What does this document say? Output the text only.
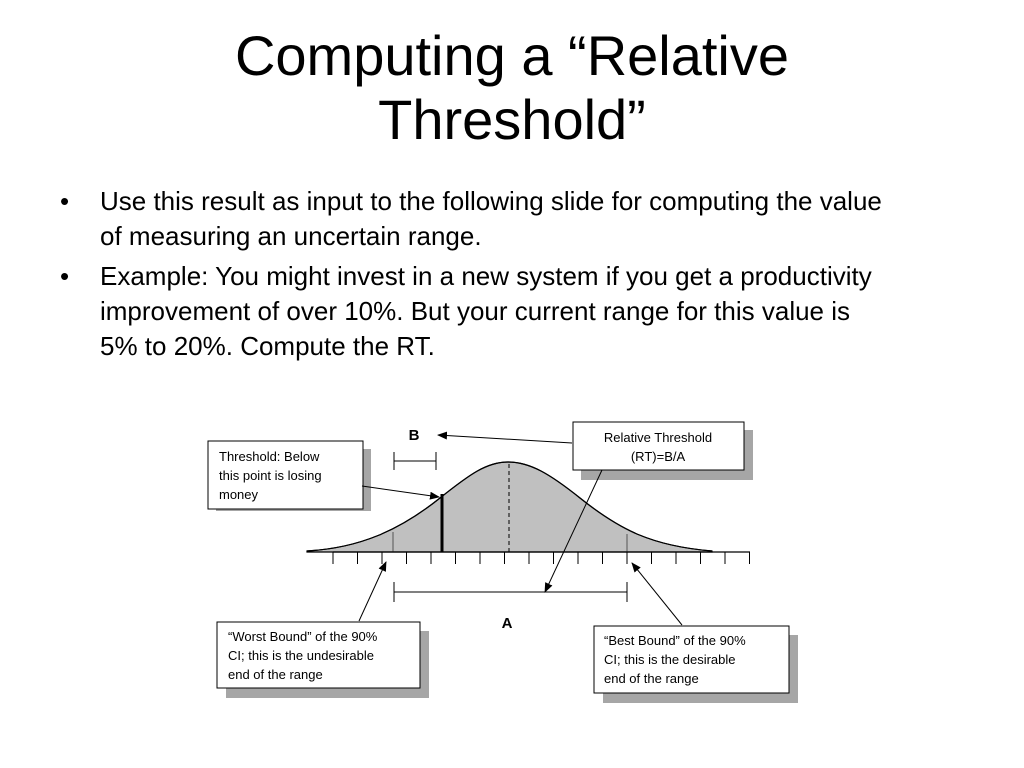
Computing a “Relative
Threshold”
• Use this result as input to the following slide for computing the value
of measuring an uncertain range.
• Example: You might invest in a new system if you get a productivity
improvement of over 10%. But your current range for this value is
5% to 20%. Compute the RT.
B
A
Relative Threshold
(RT)=B/A
Threshold: Below
this point is losing
money
“Worst Bound” of the 90%
CI; this is the undesirable
end of the range
“Best Bound” of the 90%
CI; this is the desirable
end of the range
